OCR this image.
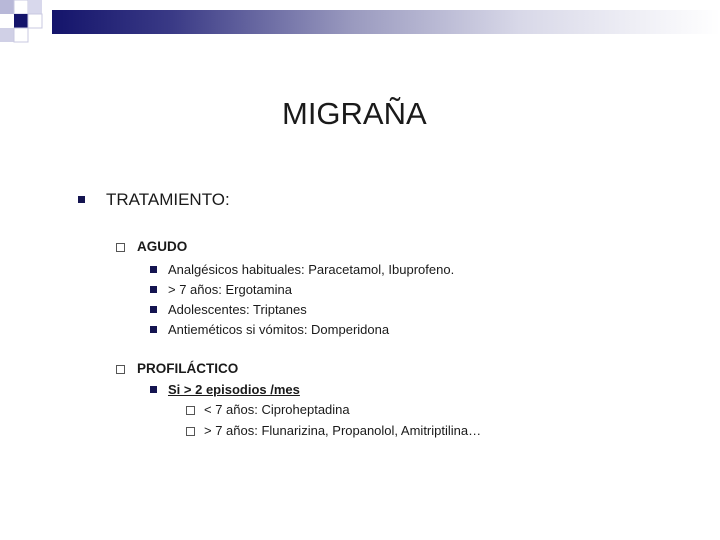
MIGRAÑA
TRATAMIENTO:
AGUDO
Analgésicos habituales: Paracetamol, Ibuprofeno.
> 7 años: Ergotamina
Adolescentes: Triptanes
Antieméticos si vómitos: Domperidona
PROFILÁCTICO
Si > 2 episodios /mes
< 7 años: Ciproheptadina
> 7 años: Flunarizina, Propanolol, Amitriptilina…
